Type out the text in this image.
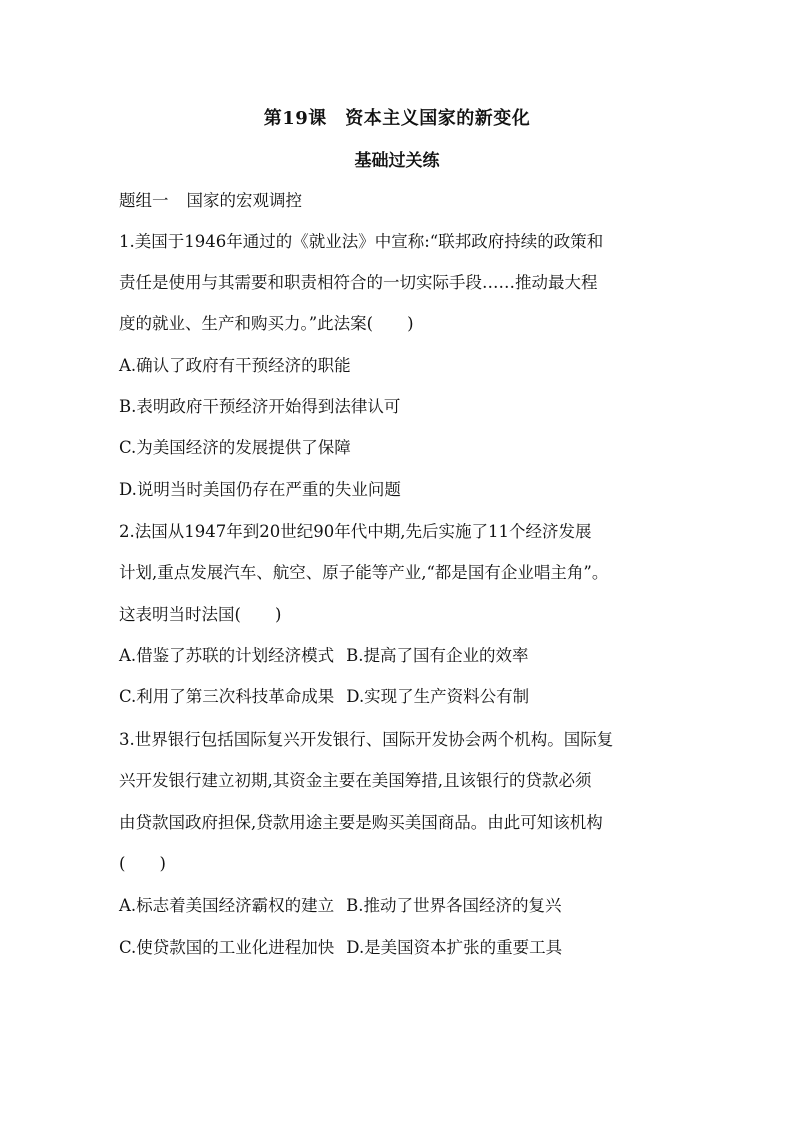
第19课　资本主义国家的新变化
基础过关练
题组一 国家的宏观调控
1.美国于1946年通过的《就业法》中宣称:“联邦政府持续的政策和
责任是使用与其需要和职责相符合的一切实际手段……推动最大程
度的就业、生产和购买力。”此法案( )
A.确认了政府有干预经济的职能
B.表明政府干预经济开始得到法律认可
C.为美国经济的发展提供了保障
D.说明当时美国仍存在严重的失业问题
2.法国从1947年到20世纪90年代中期,先后实施了11个经济发展
计划,重点发展汽车、航空、原子能等产业,“都是国有企业唱主角”。
这表明当时法国( )
A.借鉴了苏联的计划经济模式 B.提高了国有企业的效率
C.利用了第三次科技革命成果 D.实现了生产资料公有制
3.世界银行包括国际复兴开发银行、国际开发协会两个机构。国际复
兴开发银行建立初期,其资金主要在美国筹措,且该银行的贷款必须
由贷款国政府担保,贷款用途主要是购买美国商品。由此可知该机构
( )
A.标志着美国经济霸权的建立 B.推动了世界各国经济的复兴
C.使贷款国的工业化进程加快 D.是美国资本扩张的重要工具
